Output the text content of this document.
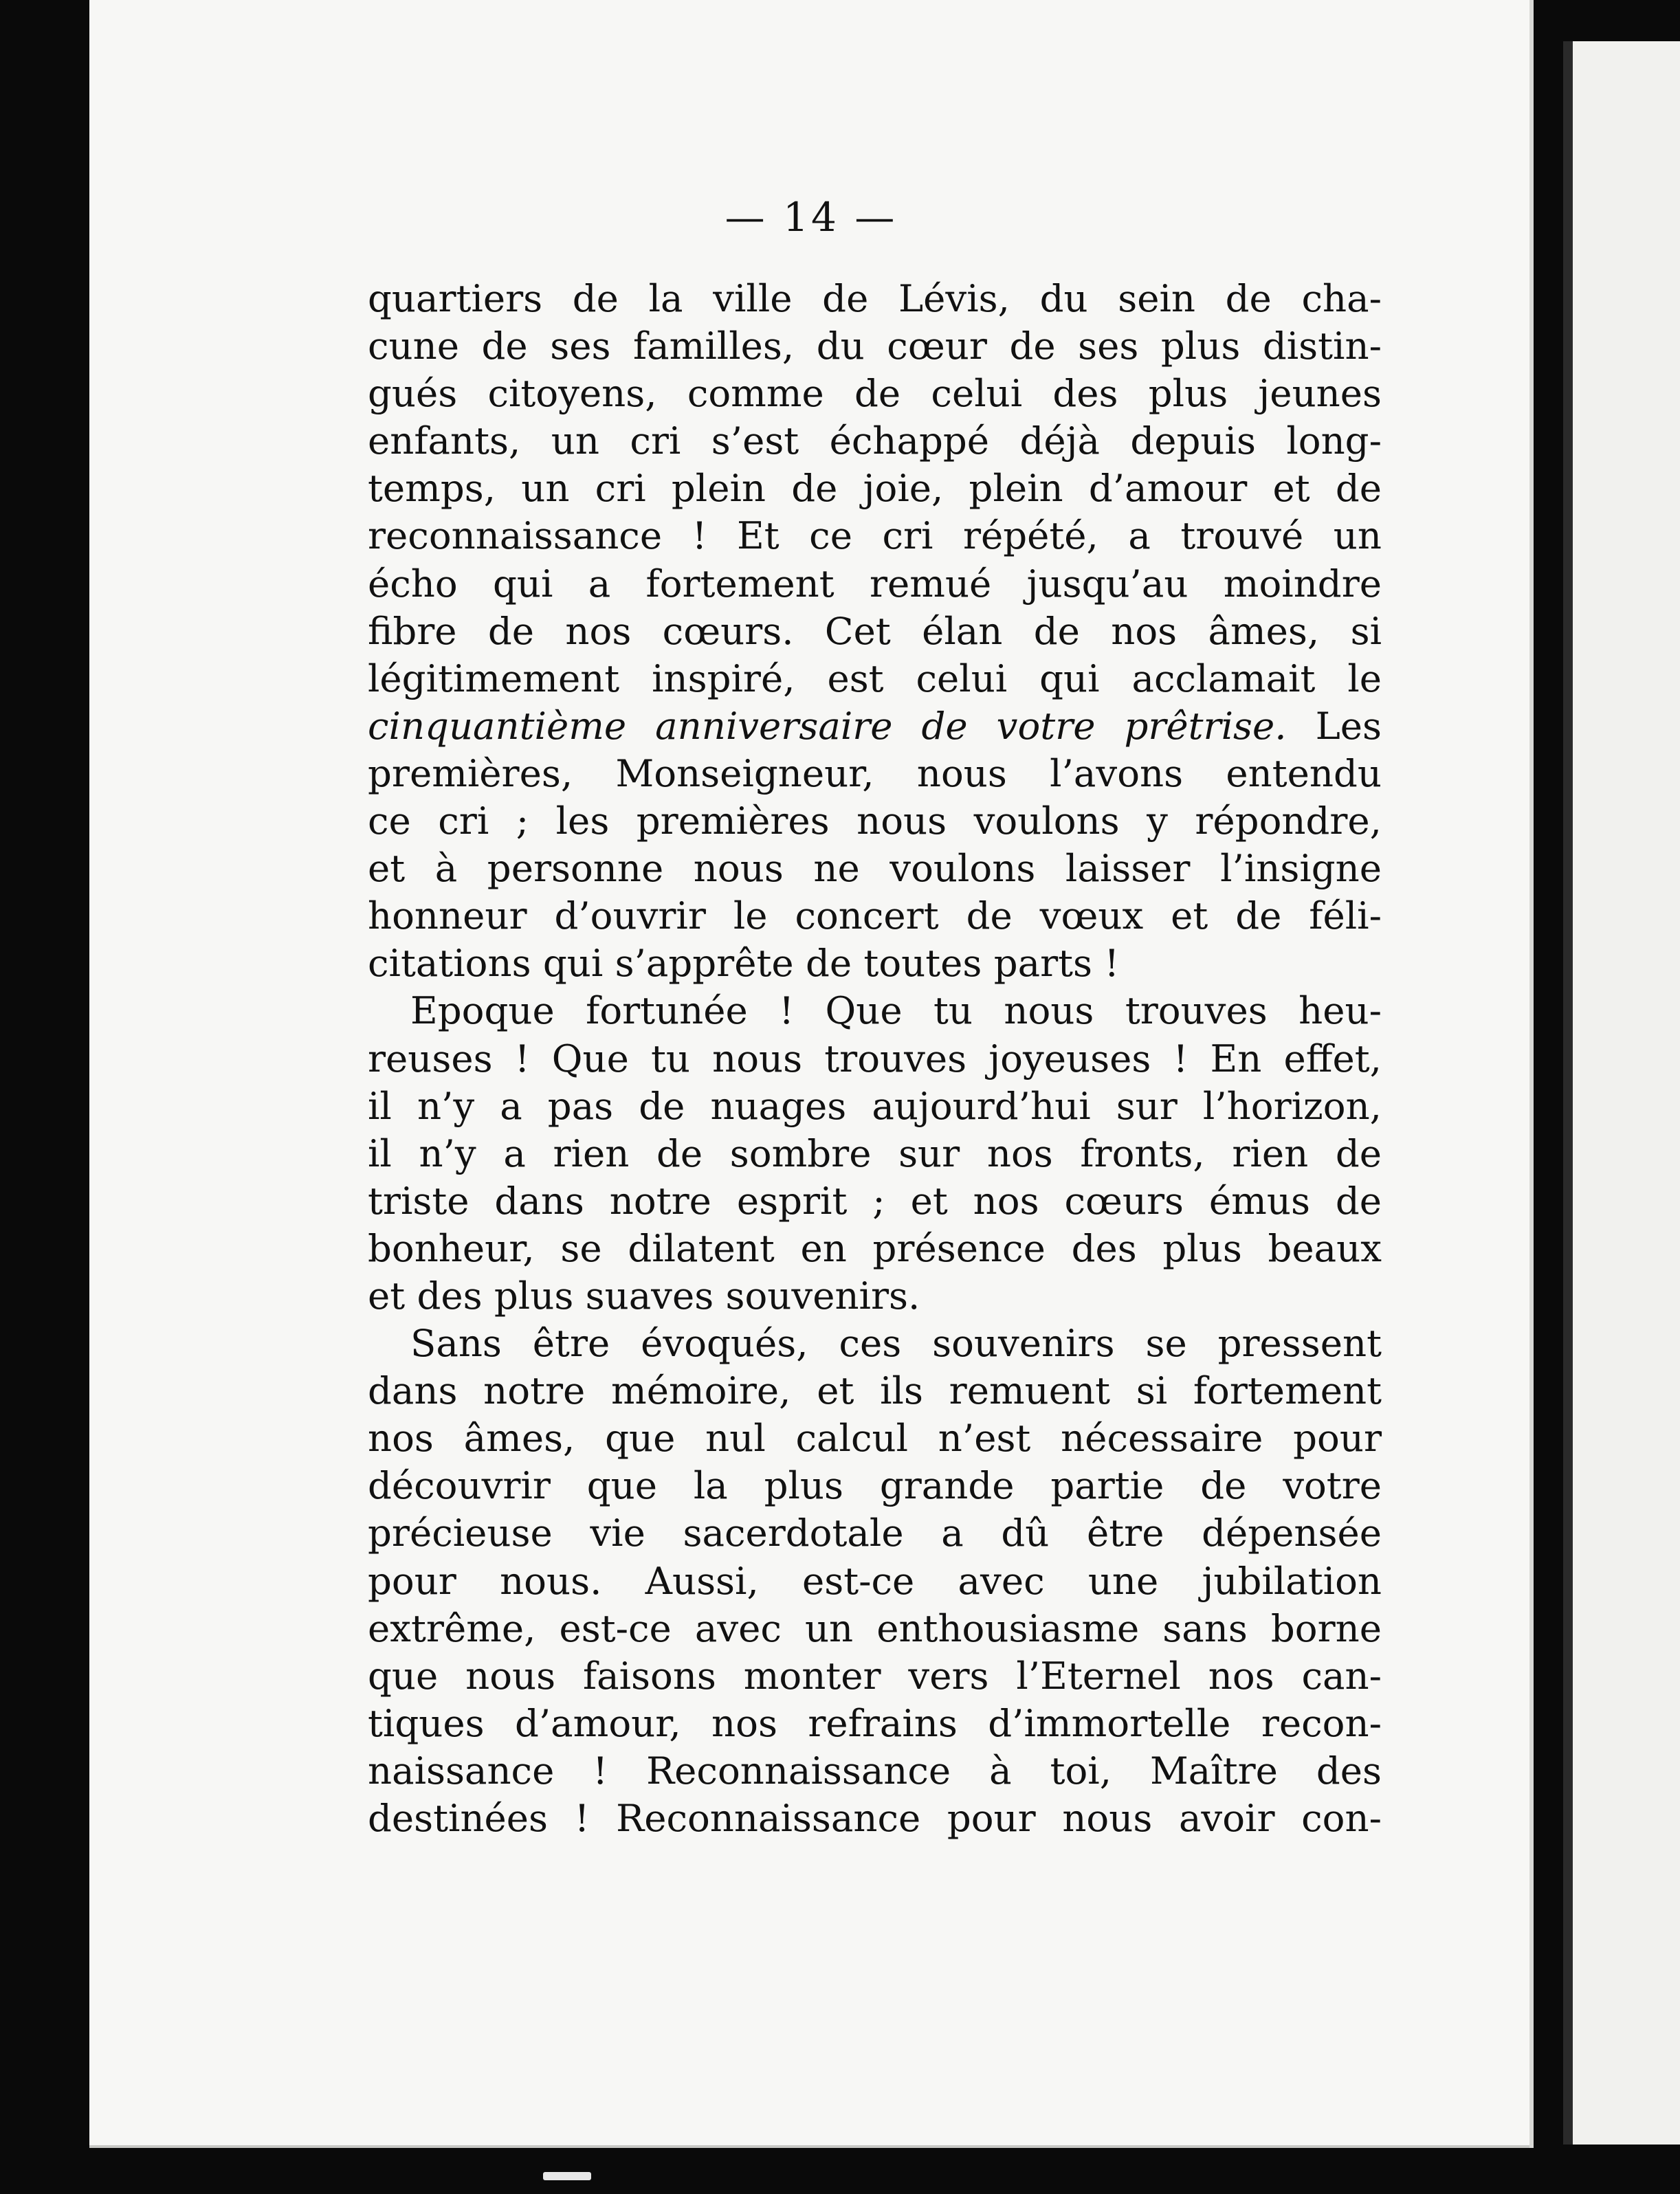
— 14 —
quartiers de la ville de Lévis, du sein de cha-
cune de ses familles, du cœur de ses plus distin-
gués citoyens, comme de celui des plus jeunes
enfants, un cri s’est échappé déjà depuis long-
temps, un cri plein de joie, plein d’amour et de
reconnaissance ! Et ce cri répété, a trouvé un
écho qui a fortement remué jusqu’au moindre
fibre de nos cœurs. Cet élan de nos âmes, si
légitimement inspiré, est celui qui acclamait le
cinquantième anniversaire de votre prêtrise. Les
premières, Monseigneur, nous l’avons entendu
ce cri ; les premières nous voulons y répondre,
et à personne nous ne voulons laisser l’insigne
honneur d’ouvrir le concert de vœux et de féli-
citations qui s’apprête de toutes parts !
Epoque fortunée ! Que tu nous trouves heu-
reuses ! Que tu nous trouves joyeuses ! En effet,
il n’y a pas de nuages aujourd’hui sur l’horizon,
il n’y a rien de sombre sur nos fronts, rien de
triste dans notre esprit ; et nos cœurs émus de
bonheur, se dilatent en présence des plus beaux
et des plus suaves souvenirs.
Sans être évoqués, ces souvenirs se pressent
dans notre mémoire, et ils remuent si fortement
nos âmes, que nul calcul n’est nécessaire pour
découvrir que la plus grande partie de votre
précieuse vie sacerdotale a dû être dépensée
pour nous. Aussi, est-ce avec une jubilation
extrême, est-ce avec un enthousiasme sans borne
que nous faisons monter vers l’Eternel nos can-
tiques d’amour, nos refrains d’immortelle recon-
naissance ! Reconnaissance à toi, Maître des
destinées ! Reconnaissance pour nous avoir con-
